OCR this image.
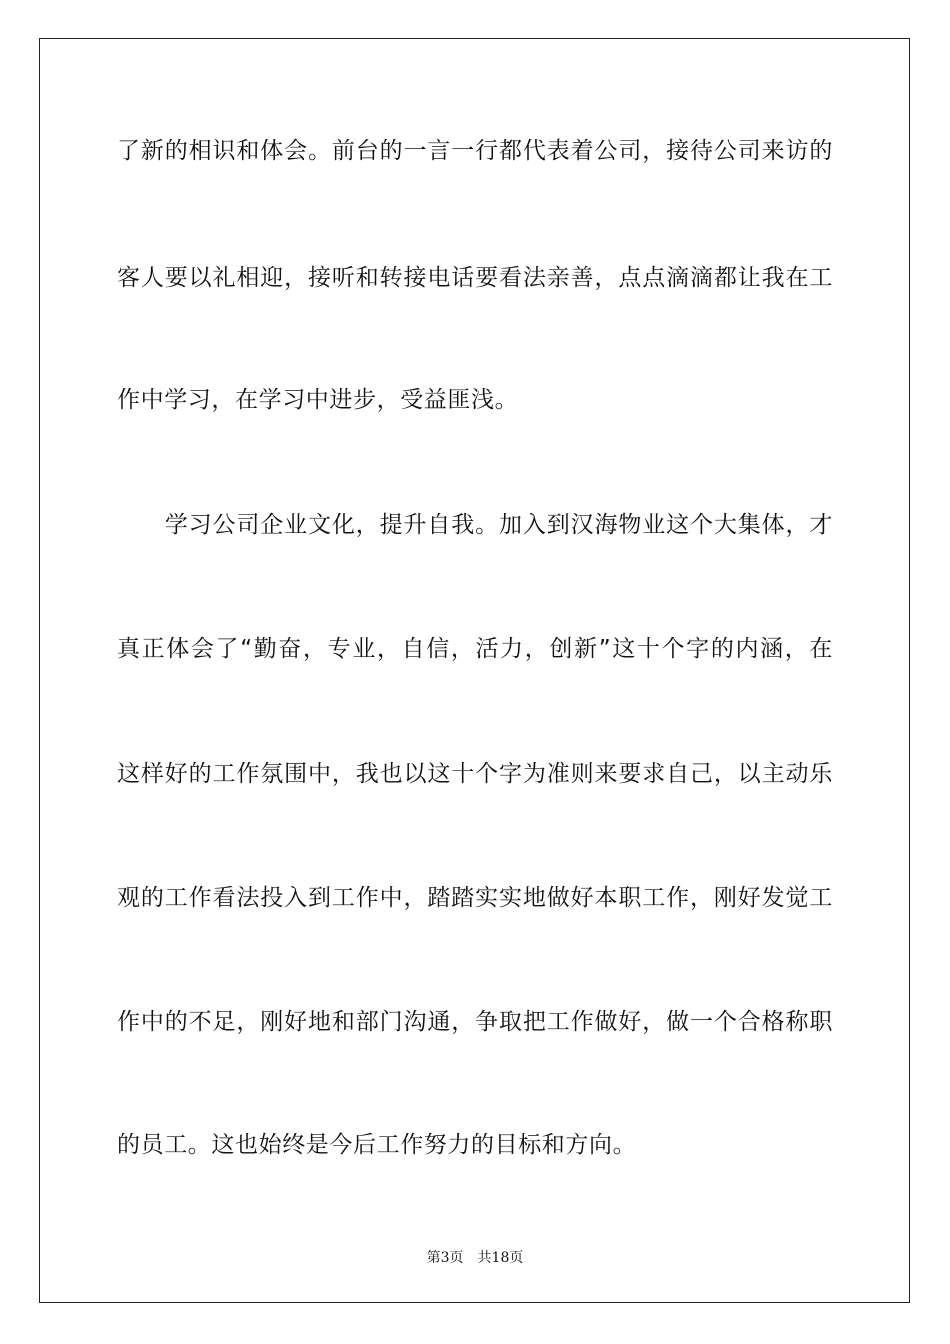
了新的相识和体会。前台的一言一行都代表着公司，接待公司来访的
客人要以礼相迎，接听和转接电话要看法亲善，点点滴滴都让我在工
作中学习，在学习中进步，受益匪浅。
　　学习公司企业文化，提升自我。加入到汉海物业这个大集体，才
真正体会了“勤奋，专业，自信，活力，创新”这十个字的内涵，在
这样好的工作氛围中，我也以这十个字为准则来要求自己，以主动乐
观的工作看法投入到工作中，踏踏实实地做好本职工作，刚好发觉工
作中的不足，刚好地和部门沟通，争取把工作做好，做一个合格称职
的员工。这也始终是今后工作努力的目标和方向。
第3页 共18页
